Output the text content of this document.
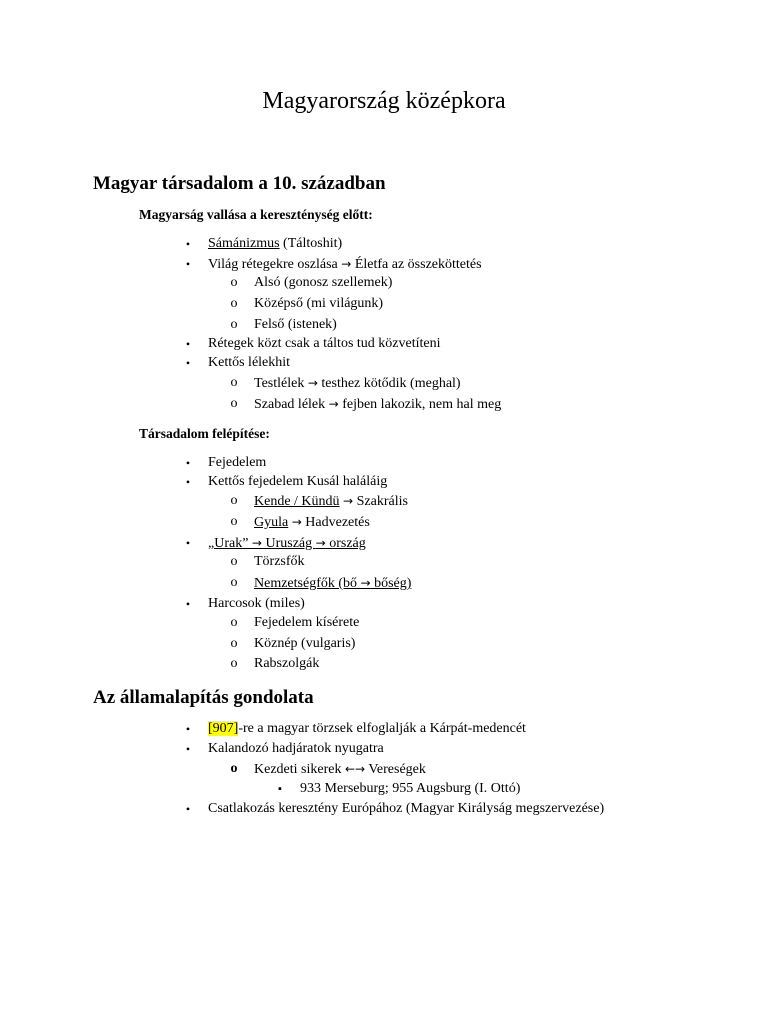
Magyarország középkora
Magyar társadalom a 10. században
Magyarság vallása a kereszténység előtt:
•	Sámánizmus (Táltoshit)
•	Világ rétegekre oszlása → Életfa az összeköttetés
o Alsó (gonosz szellemek)
o Középső (mi világunk)
o Felső (istenek)
•	Rétegek közt csak a táltos tud közvetíteni
•	Kettős lélekhit
o Testlélek → testhez kötődik (meghal)
o Szabad lélek → fejben lakozik, nem hal meg
Társadalom felépítése:
•	Fejedelem
•	Kettős fejedelem Kusál haláláig
o Kende / Kündü → Szakrális
o Gyula → Hadvezetés
•	„Urak” → Uruszág → ország
o Törzsfők
o Nemzetségfők (bő → bőség)
•	Harcosok (miles)
o Fejedelem kísérete
o Köznép (vulgaris)
o Rabszolgák
Az államalapítás gondolata
•	[907]-re a magyar törzsek elfoglalják a Kárpát-medencét
•	Kalandozó hadjáratok nyugatra
o Kezdeti sikerek ←→ Vereségek
▪	933 Merseburg; 955 Augsburg (I. Ottó)
•	Csatlakozás keresztény Európához (Magyar Királyság megszervezése)
